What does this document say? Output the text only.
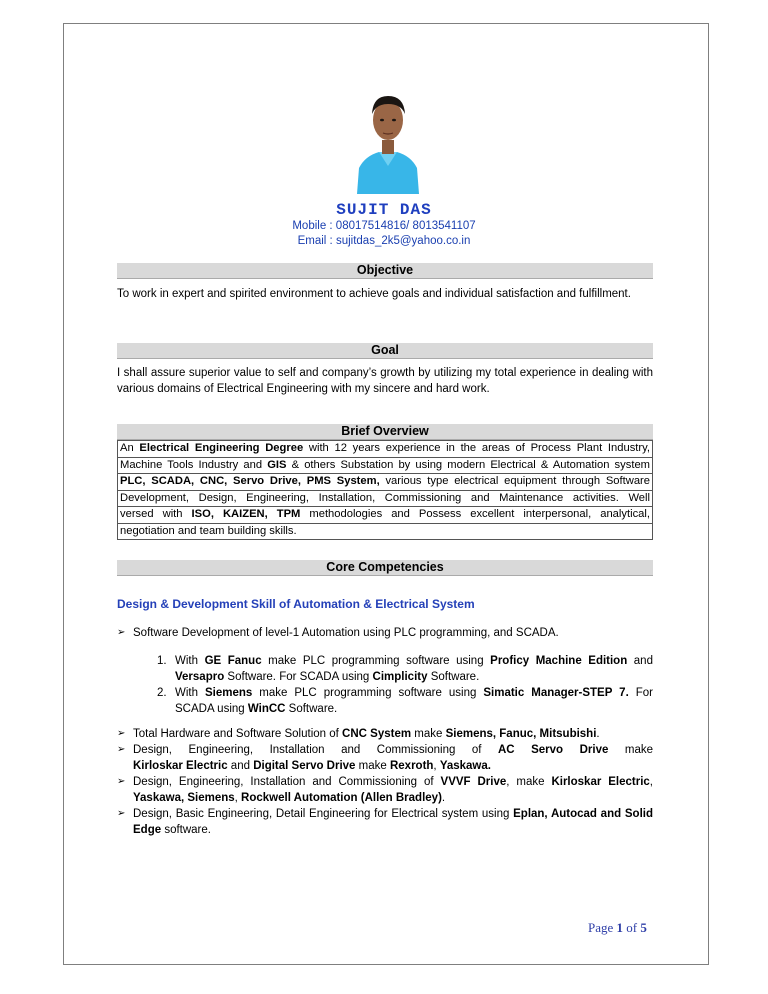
SUJIT DAS
Mobile : 08017514816/ 8013541107
Email : sujitdas_2k5@yahoo.co.in
Objective
To work in expert and spirited environment to achieve goals and individual satisfaction and fulfillment.
Goal
I shall assure superior value to self and company’s growth by utilizing my total experience in dealing with various domains of Electrical Engineering with my sincere and hard work.
Brief Overview
An Electrical Engineering Degree with 12 years experience in the areas of Process Plant Industry,
Machine Tools Industry and GIS & others Substation by using modern Electrical & Automation system
PLC, SCADA, CNC, Servo Drive, PMS System, various type electrical equipment through Software
Development, Design, Engineering, Installation, Commissioning and Maintenance activities. Well
versed with ISO, KAIZEN, TPM methodologies and Possess excellent interpersonal, analytical,
negotiation and team building skills.
Core Competencies
Design & Development Skill of Automation & Electrical System
➢ Software Development of level-1 Automation using PLC programming, and SCADA.
1. With GE Fanuc make PLC programming software using Proficy Machine Edition and
Versapro Software. For SCADA using Cimplicity Software.
2. With Siemens make PLC programming software using Simatic Manager-STEP 7. For
SCADA using WinCC Software.
➢ Total Hardware and Software Solution of CNC System make Siemens, Fanuc, Mitsubishi.
➢ Design, Engineering, Installation and Commissioning of AC Servo Drive make
Kirloskar Electric and Digital Servo Drive make Rexroth, Yaskawa.
➢ Design, Engineering, Installation and Commissioning of VVVF Drive, make Kirloskar Electric,
Yaskawa, Siemens, Rockwell Automation (Allen Bradley).
➢ Design, Basic Engineering, Detail Engineering for Electrical system using Eplan, Autocad and Solid
Edge software.
Page 1 of 5
